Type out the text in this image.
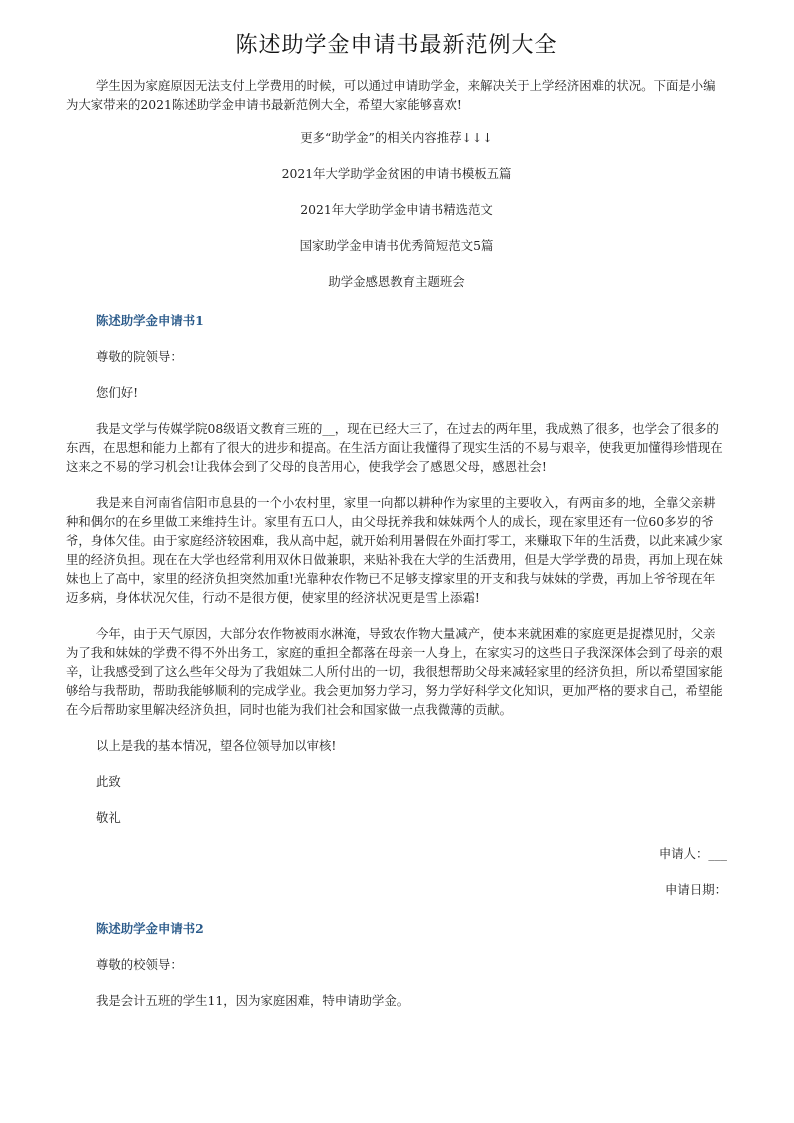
陈述助学金申请书最新范例大全

学生因为家庭原因无法支付上学费用的时候，可以通过申请助学金，来解决关于上学经济困难的状况。下面是小编为大家带来的2021陈述助学金申请书最新范例大全，希望大家能够喜欢!

更多“助学金”的相关内容推荐↓↓↓

2021年大学助学金贫困的申请书模板五篇

2021年大学助学金申请书精选范文

国家助学金申请书优秀简短范文5篇

助学金感恩教育主题班会

陈述助学金申请书1

尊敬的院领导：

您们好!

我是文学与传媒学院08级语文教育三班的__，现在已经大三了，在过去的两年里，我成熟了很多，也学会了很多的东西，在思想和能力上都有了很大的进步和提高。在生活方面让我懂得了现实生活的不易与艰辛，使我更加懂得珍惜现在这来之不易的学习机会!让我体会到了父母的良苦用心，使我学会了感恩父母，感恩社会!

我是来自河南省信阳市息县的一个小农村里，家里一向都以耕种作为家里的主要收入，有两亩多的地，全靠父亲耕种和偶尔的在乡里做工来维持生计。家里有五口人，由父母抚养我和妹妹两个人的成长，现在家里还有一位60多岁的爷爷，身体欠佳。由于家庭经济较困难，我从高中起，就开始利用暑假在外面打零工，来赚取下年的生活费，以此来减少家里的经济负担。现在在大学也经常利用双休日做兼职，来贴补我在大学的生活费用，但是大学学费的昂贵，再加上现在妹妹也上了高中，家里的经济负担突然加重!光靠种农作物已不足够支撑家里的开支和我与妹妹的学费，再加上爷爷现在年迈多病，身体状况欠佳，行动不是很方便，使家里的经济状况更是雪上添霜!

今年，由于天气原因，大部分农作物被雨水淋淹，导致农作物大量减产，使本来就困难的家庭更是捉襟见肘，父亲为了我和妹妹的学费不得不外出务工，家庭的重担全都落在母亲一人身上，在家实习的这些日子我深深体会到了母亲的艰辛，让我感受到了这么些年父母为了我姐妹二人所付出的一切，我很想帮助父母来减轻家里的经济负担，所以希望国家能够给与我帮助，帮助我能够顺利的完成学业。我会更加努力学习，努力学好科学文化知识，更加严格的要求自己，希望能在今后帮助家里解决经济负担，同时也能为我们社会和国家做一点我微薄的贡献。

以上是我的基本情况，望各位领导加以审核!

此致

敬礼

申请人：___

申请日期：

陈述助学金申请书2

尊敬的校领导：

我是会计五班的学生11，因为家庭困难，特申请助学金。
